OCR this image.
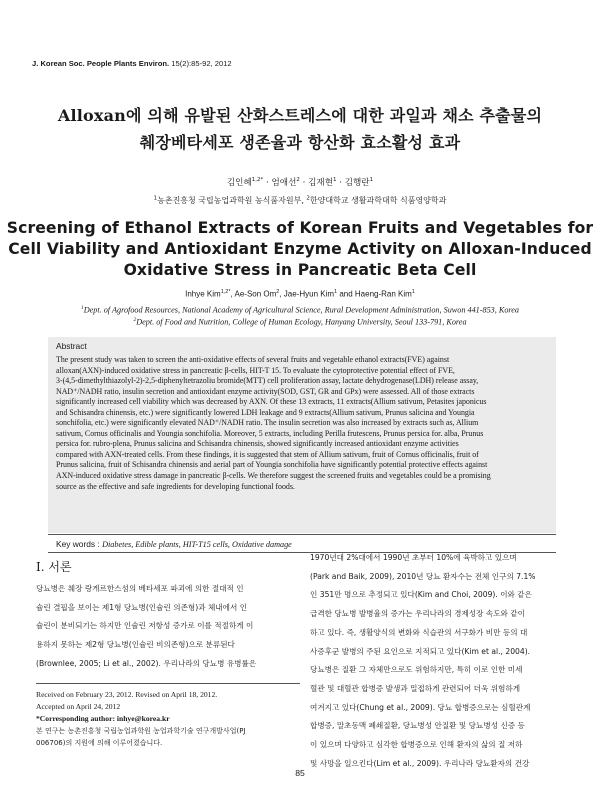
J. Korean Soc. People Plants Environ. 15(2):85-92, 2012
Alloxan에 의해 유발된 산화스트레스에 대한 과일과 채소 추출물의
췌장베타세포 생존율과 항산화 효소활성 효과
김인혜$^{1,2*}$ · 엄애선$^2$ · 김재현$^1$ · 김행란$^1$
$^1$농촌진흥청 국립농업과학원 농식품자원부, $^2$한양대학교 생활과학대학 식품영양학과
Screening of Ethanol Extracts of Korean Fruits and Vegetables for
Cell Viability and Antioxidant Enzyme Activity on Alloxan-Induced
Oxidative Stress in Pancreatic Beta Cell
Inhye Kim$^{1,2*}$, Ae-Son Om$^2$, Jae-Hyun Kim$^1$ and Haeng-Ran Kim$^1$
$^1$Dept. of Agrofood Resources, National Academy of Agricultural Science, Rural Development Administration, Suwon 441-853, Korea
$^2$Dept. of Food and Nutrition, College of Human Ecology, Hanyang University, Seoul 133-791, Korea
Abstract
The present study was taken to screen the anti-oxidative effects of several fruits and vegetable ethanol extracts(FVE) against
alloxan(AXN)-induced oxidative stress in pancreatic β-cells, HIT-T 15. To evaluate the cytoprotective potential effect of FVE,
3-(4,5-dimethylthiazolyl-2)-2,5-diphenyltetrazoliu bromide(MTT) cell proliferation assay, lactate dehydrogenase(LDH) release assay,
NAD⁺/NADH ratio, insulin secretion and antioxidant enzyme activity(SOD, GST, GR and GPx) were assessed. All of those extracts
significantly increased cell viability which was decreased by AXN. Of these 13 extracts, 11 extracts(Allium sativum, Petasites japonicus
and Schisandra chinensis, etc.) were significantly lowered LDH leakage and 9 extracts(Allium sativum, Prunus salicina and Youngia
sonchifolia, etc.) were significantly elevated NAD⁺/NADH ratio. The insulin secretion was also increased by extracts such as, Allium
sativum, Cornus officinalis and Youngia sonchifolia. Moreover, 5 extracts, including Perilla frutescens, Prunus persica for. alba, Prunus
persica for. rubro-plena, Prunus salicina and Schisandra chinensis, showed significantly increased antioxidant enzyme activities
compared with AXN-treated cells. From these findings, it is suggested that stem of Allium sativum, fruit of Cornus officinalis, fruit of
Prunus salicina, fruit of Schisandra chinensis and aerial part of Youngia sonchifolia have significantly potential protective effects against
AXN-induced oxidative stress damage in pancreatic β-cells. We therefore suggest the screened fruits and vegetables could be a promising
source as the effective and safe ingredients for developing functional foods.
Key words : Diabetes, Edible plants, HIT-T15 cells, Oxidative damage
Ⅰ. 서론
당뇨병은 췌장 랑게르한스섬의 베타세포 파괴에 의한 절대적 인
슐린 결핍을 보이는 제1형 당뇨병(인슐린 의존형)과 체내에서 인
슐린이 분비되기는 하지만 인슐린 저항성 증가로 이를 적절하게 이
용하지 못하는 제2형 당뇨병(인슐린 비의존형)으로 분류된다
(Brownlee, 2005; Li et al., 2002). 우리나라의 당뇨병 유병률은
Received on February 23, 2012. Revised on April 18, 2012.
Accepted on April 24, 2012
*Corresponding author: inhye@korea.kr
본 연구는 농촌진흥청 국립농업과학원 농업과학기술 연구개발사업(PJ
006706)의 지원에 의해 이루어졌습니다.
1970년대 2%대에서 1990년 초부터 10%에 육박하고 있으며
(Park and Baik, 2009), 2010년 당뇨 환자수는 전체 인구의 7.1%
인 351만 명으로 추정되고 있다(Kim and Choi, 2009). 이와 같은
급격한 당뇨병 발병율의 증가는 우리나라의 경제성장 속도와 같이
하고 있다. 즉, 생활양식의 변화와 식습관의 서구화가 비만 등의 대
사증후군 발병의 주된 요인으로 지적되고 있다(Kim et al., 2004).
당뇨병은 질환 그 자체만으로도 위험하지만, 특히 이로 인한 미세
혈관 및 대혈관 합병증 발생과 밀접하게 관련되어 더욱 위험하게
여겨지고 있다(Chung et al., 2009). 당뇨 합병증으로는 심혈관계
합병증, 말초동맥 폐쇄질환, 당뇨병성 안질환 및 당뇨병성 신증 등
이 있으며 다양하고 심각한 합병증으로 인해 환자의 삶의 질 저하
및 사망을 일으킨다(Lim et al., 2009). 우리나라 당뇨환자의 건강
85
